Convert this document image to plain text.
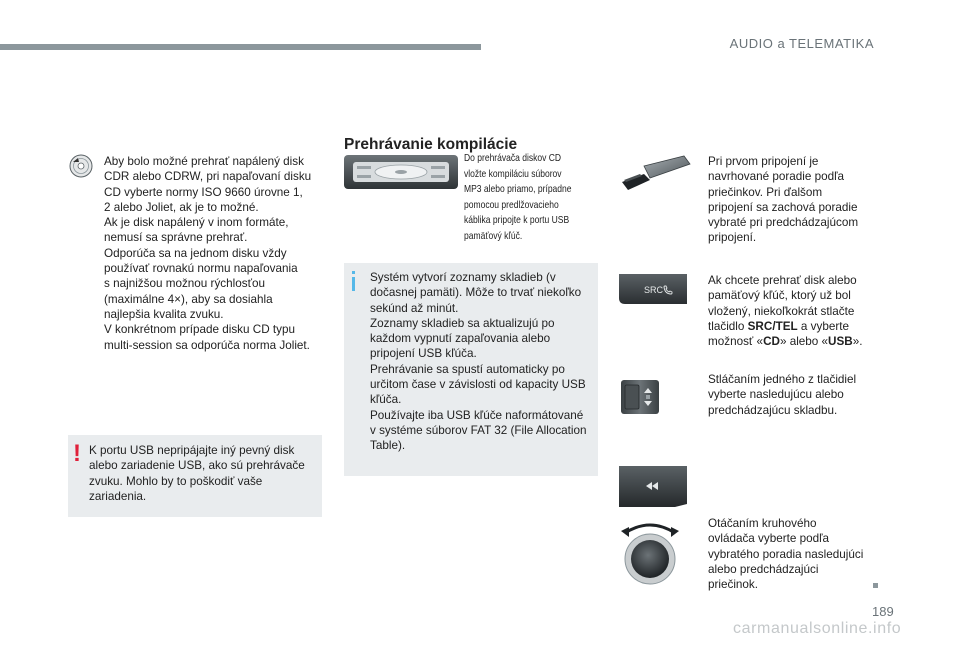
AUDIO a TELEMATIKA
Aby bolo možné prehrať napálený disk
CDR alebo CDRW, pri napaľovaní disku
CD vyberte normy ISO 9660 úrovne 1,
2 alebo Joliet, ak je to možné.
Ak je disk napálený v inom formáte,
nemusí sa správne prehrať.
Odporúča sa na jednom disku vždy
používať rovnakú normu napaľovania
s najnižšou možnou rýchlosťou
(maximálne 4×), aby sa dosiahla
najlepšia kvalita zvuku.
V konkrétnom prípade disku CD typu
multi-session sa odporúča norma Joliet.
! K portu USB nepripájajte iný pevný disk
alebo zariadenie USB, ako sú prehrávače
zvuku. Mohlo by to poškodiť vaše
zariadenia.
Prehrávanie kompilácie
Do prehrávača diskov CD
vložte kompiláciu súborov
MP3 alebo priamo, prípadne
pomocou predlžovacieho
káblika pripojte k portu USB
pamäťový kľúč.
Systém vytvorí zoznamy skladieb (v
dočasnej pamäti). Môže to trvať niekoľko
sekúnd až minút.
Zoznamy skladieb sa aktualizujú po
každom vypnutí zapaľovania alebo
pripojení USB kľúča.
Prehrávanie sa spustí automaticky po
určitom čase v závislosti od kapacity USB
kľúča.
Používajte iba USB kľúče naformátované
v systéme súborov FAT 32 (File Allocation
Table).
Pri prvom pripojení je
navrhované poradie podľa
priečinkov. Pri ďalšom
pripojení sa zachová poradie
vybraté pri predchádzajúcom
pripojení.
SRC
Ak chcete prehrať disk alebo
pamäťový kľúč, ktorý už bol
vložený, niekoľkokrát stlačte
tlačidlo SRC/TEL a vyberte
možnosť «CD» alebo «USB».
Stláčaním jedného z tlačidiel
vyberte nasledujúcu alebo
predchádzajúcu skladbu.
Otáčaním kruhového
ovládača vyberte podľa
vybratého poradia nasledujúci
alebo predchádzajúci
priečinok.
189
carmanualsonline.info
